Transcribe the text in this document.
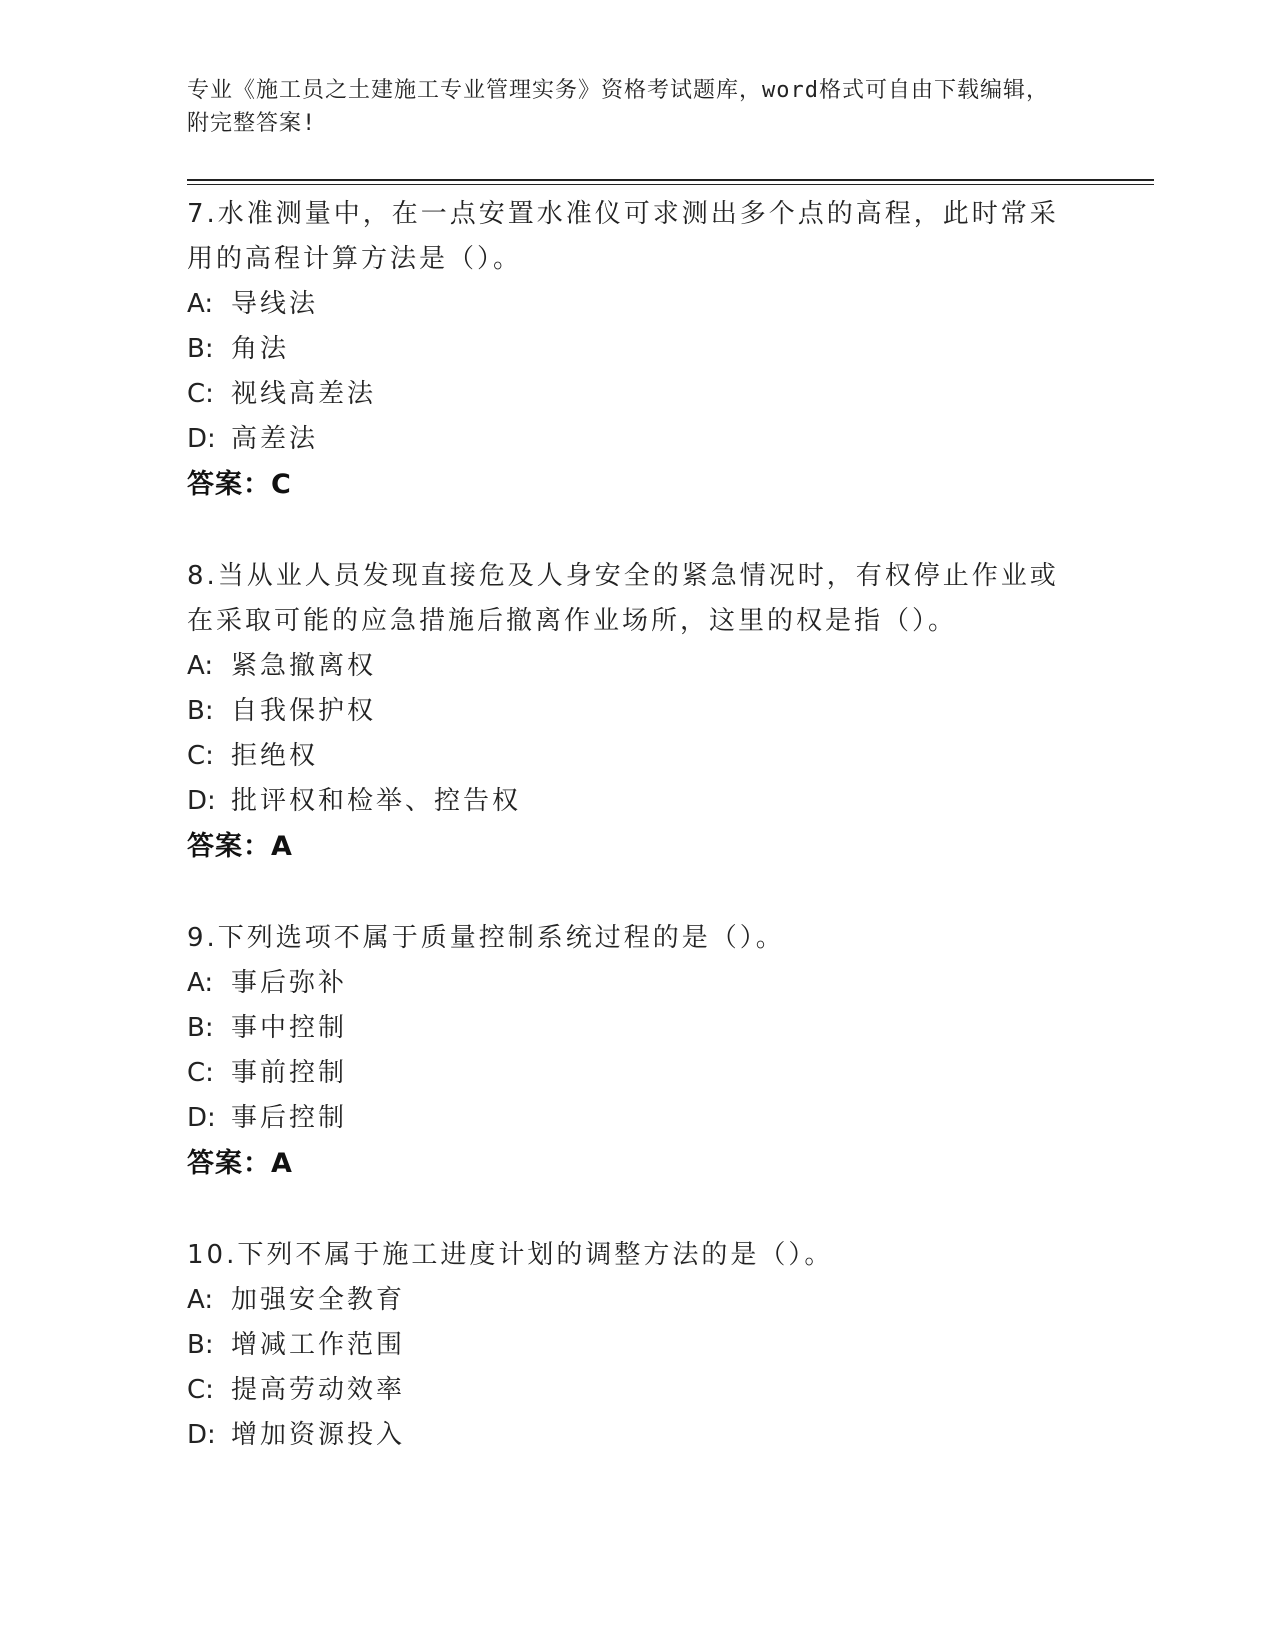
专业《施工员之土建施工专业管理实务》资格考试题库，word格式可自由下载编辑，附完整答案!
7.水准测量中，在一点安置水准仪可求测出多个点的高程，此时常采用的高程计算方法是（）。
A: 导线法
B: 角法
C: 视线高差法
D: 高差法
答案：C
8.当从业人员发现直接危及人身安全的紧急情况时，有权停止作业或在采取可能的应急措施后撤离作业场所，这里的权是指（）。
A: 紧急撤离权
B: 自我保护权
C: 拒绝权
D: 批评权和检举、控告权
答案：A
9.下列选项不属于质量控制系统过程的是（）。
A: 事后弥补
B: 事中控制
C: 事前控制
D: 事后控制
答案：A
10.下列不属于施工进度计划的调整方法的是（）。
A: 加强安全教育
B: 增减工作范围
C: 提高劳动效率
D: 增加资源投入
